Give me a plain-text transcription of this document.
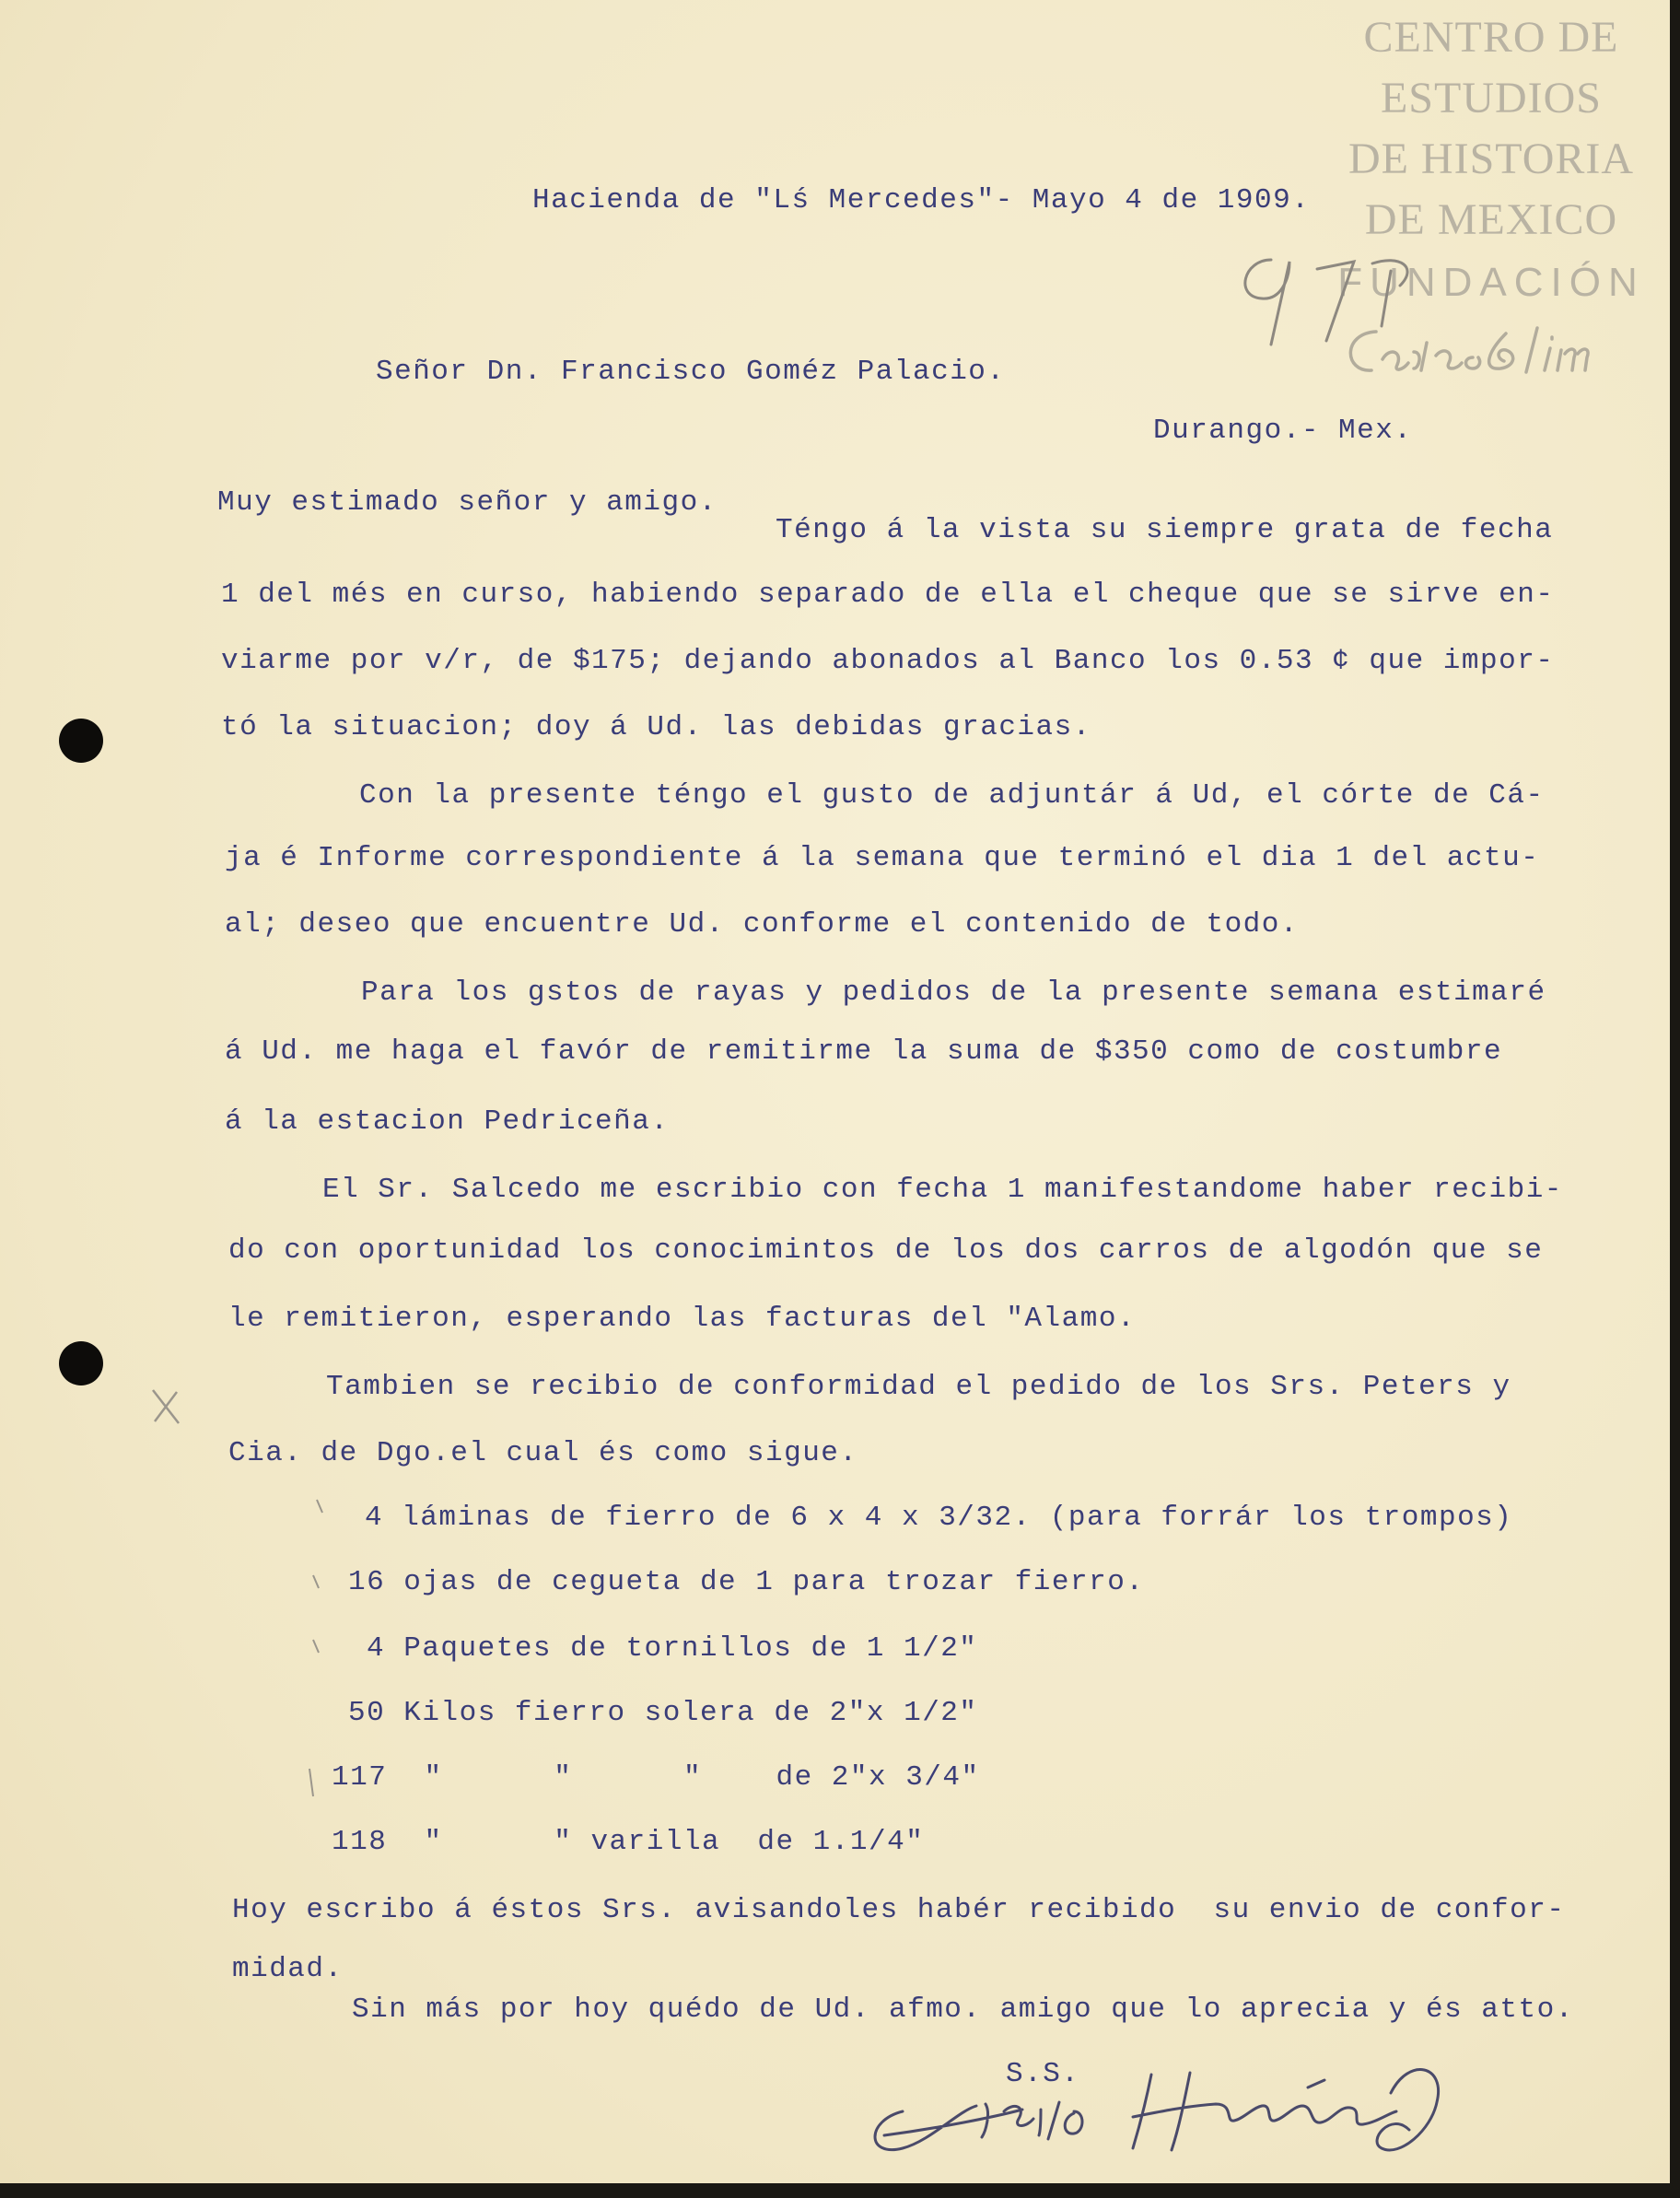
CENTRO DE
ESTUDIOS
DE HISTORIA
DE MEXICO
FUNDACIÓN
Hacienda de "Lś Mercedes"- Mayo 4 de 1909.
Señor Dn. Francisco Goméz Palacio.
Durango.- Mex.
Muy estimado señor y amigo.
Téngo á la vista su siempre grata de fecha
1 del més en curso, habiendo separado de ella el cheque que se sirve en-
viarme por v/r, de $175; dejando abonados al Banco los 0.53 ¢ que impor-
tó la situacion; doy á Ud. las debidas gracias.
Con la presente téngo el gusto de adjuntár á Ud, el córte de Cá-
ja é Informe correspondiente á la semana que terminó el dia 1 del actu-
al; deseo que encuentre Ud. conforme el contenido de todo.
Para los gstos de rayas y pedidos de la presente semana estimaré
á Ud. me haga el favór de remitirme la suma de $350 como de costumbre
á la estacion Pedriceña.
El Sr. Salcedo me escribio con fecha 1 manifestandome haber recibi-
do con oportunidad los conocimintos de los dos carros de algodón que se
le remitieron, esperando las facturas del "Alamo.
Tambien se recibio de conformidad el pedido de los Srs. Peters y
Cia. de Dgo.el cual és como sigue.
4 láminas de fierro de 6 x 4 x 3/32. (para forrár los trompos)
16 ojas de cegueta de 1 para trozar fierro.
4 Paquetes de tornillos de 1 1/2"
50 Kilos fierro solera de 2"x 1/2"
117  "      "      "    de 2"x 3/4"
118  "      " varilla  de 1.1/4"
Hoy escribo á éstos Srs. avisandoles habér recibido  su envio de confor-
midad.
Sin más por hoy quédo de Ud. afmo. amigo que lo aprecia y és atto.
S.S.
